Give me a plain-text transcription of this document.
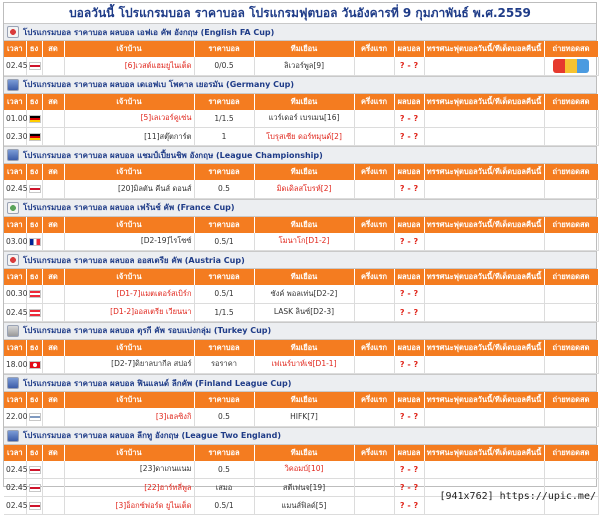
บอลวันนี้ โปรแกรมบอล ราคาบอล โปรแกรมฟุตบอล วันอังคารที่ 9 กุมภาพันธ์ พ.ศ.2559
โปรแกรมบอล ราคาบอล ผลบอล เอฟเอ คัพ อังกฤษ (English FA Cup)
เวลา	ธง	สด	เจ้าบ้าน	ราคาบอล	ทีมเยือน	ครึ่งแรก	ผลบอล	ทรรศนะฟุตบอลวันนี้/ทีเด็ดบอลคืนนี้	ถ่ายทอดสด
02.45			[6]เวสต์แฮมยูไนเต็ด	0/0.5	ลิเวอร์พูล[9]		? - ?		
โปรแกรมบอล ราคาบอล ผลบอล เดเอฟเบ โพคาล เยอรมัน (Germany Cup)
เวลา	ธง	สด	เจ้าบ้าน	ราคาบอล	ทีมเยือน	ครึ่งแรก	ผลบอล	ทรรศนะฟุตบอลวันนี้/ทีเด็ดบอลคืนนี้	ถ่ายทอดสด
01.00			[5]เลเวอร์คูเซ่น	1/1.5	แวร์เดอร์ เบรเมน[16]		? - ?		
02.30			[11]สตุ๊ตการ์ต	1	โบรุสเซีย ดอร์ทมุนด์[2]		? - ?		
โปรแกรมบอล ราคาบอล ผลบอล แชมป์เปี้ยนชิพ อังกฤษ (League Championship)
เวลา	ธง	สด	เจ้าบ้าน	ราคาบอล	ทีมเยือน	ครึ่งแรก	ผลบอล	ทรรศนะฟุตบอลวันนี้/ทีเด็ดบอลคืนนี้	ถ่ายทอดสด
02.45			[20]มิลตัน คีนส์ ดอนส์	0.5	มิดเดิลสโบรห์[2]		? - ?		
โปรแกรมบอล ราคาบอล ผลบอล เฟร้นช์ คัพ (France Cup)
เวลา	ธง	สด	เจ้าบ้าน	ราคาบอล	ทีมเยือน	ครึ่งแรก	ผลบอล	ทรรศนะฟุตบอลวันนี้/ทีเด็ดบอลคืนนี้	ถ่ายทอดสด
03.00			[D2-19]ไรโซซ์	0.5/1	โมนาโก[D1-2]		? - ?		
โปรแกรมบอล ราคาบอล ผลบอล ออสเตรีย คัพ (Austria Cup)
เวลา	ธง	สด	เจ้าบ้าน	ราคาบอล	ทีมเยือน	ครึ่งแรก	ผลบอล	ทรรศนะฟุตบอลวันนี้/ทีเด็ดบอลคืนนี้	ถ่ายทอดสด
00.30			[D1-7]แมตเตอร์สเบิร์ก	0.5/1	ซังค์ พอลเท่น[D2-2]		? - ?		
02.45			[D1-2]ออสเตรีย เวียนนา	1/1.5	LASK ลินซ์[D2-3]		? - ?		
โปรแกรมบอล ราคาบอล ผลบอล ตุรกี คัพ รอบแบ่งกลุ่ม (Turkey Cup)
เวลา	ธง	สด	เจ้าบ้าน	ราคาบอล	ทีมเยือน	ครึ่งแรก	ผลบอล	ทรรศนะฟุตบอลวันนี้/ทีเด็ดบอลคืนนี้	ถ่ายทอดสด
18.00			[D2-7]ดิยาลบากีล สปอร์	รอราคา	เฟเนร์บาห์เช่[D1-1]		? - ?		
โปรแกรมบอล ราคาบอล ผลบอล ฟินแลนด์ ลีกคัพ (Finland League Cup)
เวลา	ธง	สด	เจ้าบ้าน	ราคาบอล	ทีมเยือน	ครึ่งแรก	ผลบอล	ทรรศนะฟุตบอลวันนี้/ทีเด็ดบอลคืนนี้	ถ่ายทอดสด
22.00			[3]เฮลซิงกิ	0.5	HIFK[7]		? - ?		
โปรแกรมบอล ราคาบอล ผลบอล ลีกทู อังกฤษ (League Two England)
เวลา	ธง	สด	เจ้าบ้าน	ราคาบอล	ทีมเยือน	ครึ่งแรก	ผลบอล	ทรรศนะฟุตบอลวันนี้/ทีเด็ดบอลคืนนี้	ถ่ายทอดสด
02.45			[23]ดาเกนแนม	0.5	วิคอมบ์[10]		? - ?		
02.45			[22]ฮาร์ทลี่พูล	เสมอ	สตีเฟนจ[19]		? - ?		
02.45			[3]อ็อกซ์ฟอร์ด ยูไนเต็ด	0.5/1	แมนส์ฟิลด์[5]		? - ?		
[941x762] https://upic.me/
